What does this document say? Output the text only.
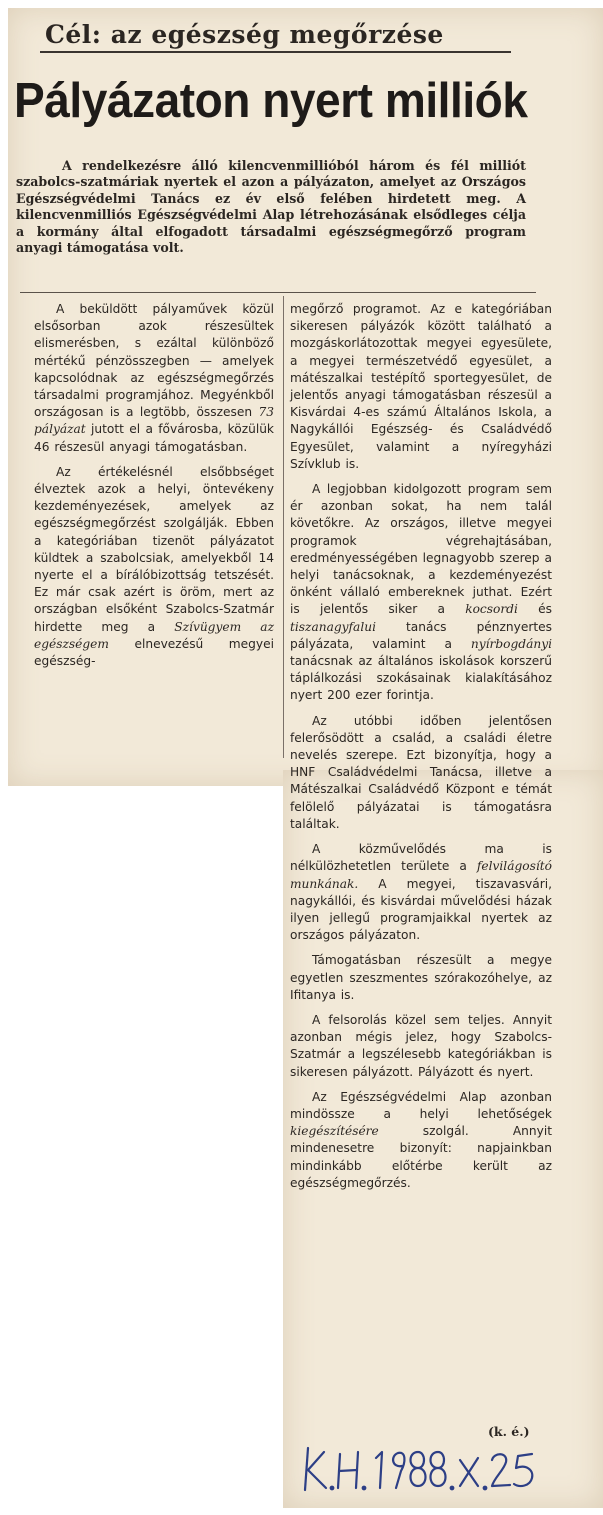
Cél: az egészség megőrzése
Pályázaton nyert milliók
A rendelkezésre álló kilencvenmillióból három és fél milliót szabolcs-szatmáriak nyertek el azon a pályázaton, amelyet az Országos Egészségvédelmi Tanács ez év első felében hirdetett meg. A kilencvenmilliós Egészségvédelmi Alap létrehozásának elsődleges célja a kormány által elfogadott társadalmi egészségmegőrző program anyagi támogatása volt.

A beküldött pályaművek közül elsősorban azok részesültek elismerésben, s ezáltal különböző mértékű pénzösszegben — amelyek kapcsolódnak az egészségmegőrzés társadalmi programjához. Megyénkből országosan is a legtöbb, összesen 73 pályázat jutott el a fővárosba, közülük 46 részesül anyagi támogatásban.

Az értékelésnél elsőbbséget élveztek azok a helyi, öntevékeny kezdeményezések, amelyek az egészségmegőrzést szolgálják. Ebben a kategóriában tizenöt pályázatot küldtek a szabolcsiak, amelyekből 14 nyerte el a bírálóbizottság tetszését. Ez már csak azért is öröm, mert az országban elsőként Szabolcs-Szatmár hirdette meg a Szívügyem az egészségem elnevezésű megyei egészség-

megőrző programot. Az e kategóriában sikeresen pályázók között található a mozgáskorlátozottak megyei egyesülete, a megyei természetvédő egyesület, a mátészalkai testépítő sportegyesület, de jelentős anyagi támogatásban részesül a Kisvárdai 4-es számú Általános Iskola, a Nagykállói Egészség- és Családvédő Egyesület, valamint a nyíregyházi Szívklub is.

A legjobban kidolgozott program sem ér azonban sokat, ha nem talál követőkre. Az országos, illetve megyei programok végrehajtásában, eredményességében legnagyobb szerep a helyi tanácsoknak, a kezdeményezést önként vállaló embereknek juthat. Ezért is jelentős siker a kocsordi és tiszanagyfalui tanács pénznyertes pályázata, valamint a nyírbogdányi tanácsnak az általános iskolások korszerű táplálkozási szokásainak kialakításához nyert 200 ezer forintja.

Az utóbbi időben jelentősen felerősödött a család, a családi életre nevelés szerepe. Ezt bizonyítja, hogy a HNF Családvédelmi Tanácsa, illetve a Mátészalkai Családvédő Központ e témát felölelő pályázatai is támogatásra találtak.

A közművelődés ma is nélkülözhetetlen területe a felvilágosító munkának. A megyei, tiszavasvári, nagykállói, és kisvárdai művelődési házak ilyen jellegű programjaikkal nyertek az országos pályázaton.

Támogatásban részesült a megye egyetlen szeszmentes szórakozóhelye, az Ifitanya is.

A felsorolás közel sem teljes. Annyit azonban mégis jelez, hogy Szabolcs-Szatmár a legszélesebb kategóriákban is sikeresen pályázott. Pályázott és nyert.

Az Egészségvédelmi Alap azonban mindössze a helyi lehetőségek kiegészítésére	szolgál. Annyit mindenesetre bizonyít: napjainkban mindinkább előtérbe került az egészségmegőrzés.

(k. é.)
K.H. 1988. X. 25.
